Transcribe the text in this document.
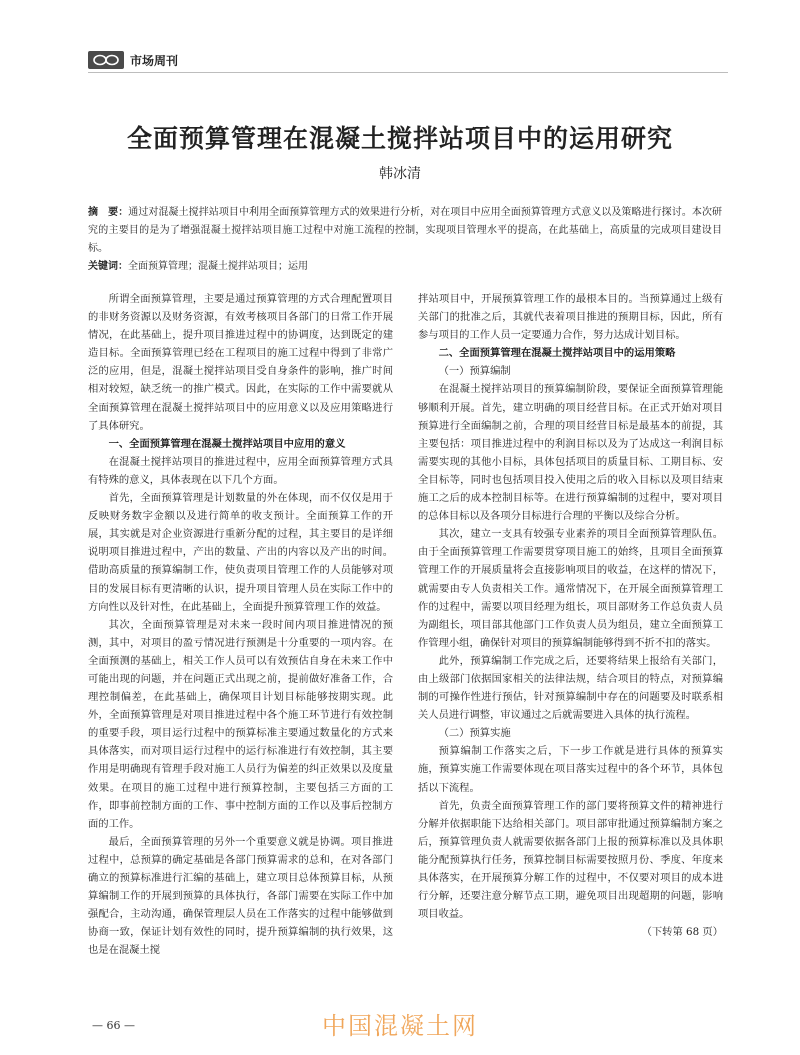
市场周刊
全面预算管理在混凝土搅拌站项目中的运用研究
韩冰清
摘　要：通过对混凝土搅拌站项目中利用全面预算管理方式的效果进行分析，对在项目中应用全面预算管理方式意义以及策略进行探讨。本次研究的主要目的是为了增强混凝土搅拌站项目施工过程中对施工流程的控制，实现项目管理水平的提高，在此基础上，高质量的完成项目建设目标。
关键词：全面预算管理；混凝土搅拌站项目；运用

所谓全面预算管理，主要是通过预算管理的方式合理配置项目的非财务资源以及财务资源，有效考核项目各部门的日常工作开展情况，在此基础上，提升项目推进过程中的协调度，达到既定的建造目标。全面预算管理已经在工程项目的施工过程中得到了非常广泛的应用，但是，混凝土搅拌站项目受自身条件的影响，推广时间相对较短，缺乏统一的推广模式。因此，在实际的工作中需要就从全面预算管理在混凝土搅拌站项目中的应用意义以及应用策略进行了具体研究。

一、全面预算管理在混凝土搅拌站项目中应用的意义

在混凝土搅拌站项目的推进过程中，应用全面预算管理方式具有特殊的意义，具体表现在以下几个方面。

首先，全面预算管理是计划数量的外在体现，而不仅仅是用于反映财务数字金额以及进行简单的收支预计。全面预算工作的开展，其实就是对企业资源进行重新分配的过程，其主要目的是详细说明项目推进过程中，产出的数量、产出的内容以及产出的时间。借助高质量的预算编制工作，使负责项目管理工作的人员能够对项目的发展目标有更清晰的认识，提升项目管理人员在实际工作中的方向性以及针对性，在此基础上，全面提升预算管理工作的效益。

其次，全面预算管理是对未来一段时间内项目推进情况的预测，其中，对项目的盈亏情况进行预测是十分重要的一项内容。在全面预测的基础上，相关工作人员可以有效预估自身在未来工作中可能出现的问题，并在问题正式出现之前，提前做好准备工作，合理控制偏差，在此基础上，确保项目计划目标能够按期实现。此外，全面预算管理是对项目推进过程中各个施工环节进行有效控制的重要手段，项目运行过程中的预算标准主要通过数量化的方式来具体落实，而对项目运行过程中的运行标准进行有效控制，其主要作用是明确现有管理手段对施工人员行为偏差的纠正效果以及度量效果。在项目的施工过程中进行预算控制，主要包括三方面的工作，即事前控制方面的工作、事中控制方面的工作以及事后控制方面的工作。

最后，全面预算管理的另外一个重要意义就是协调。项目推进过程中，总预算的确定基础是各部门预算需求的总和，在对各部门确立的预算标准进行汇编的基础上，建立项目总体预算目标，从预算编制工作的开展到预算的具体执行，各部门需要在实际工作中加强配合，主动沟通，确保管理层人员在工作落实的过程中能够做到协商一致，保证计划有效性的同时，提升预算编制的执行效果，这也是在混凝土搅

拌站项目中，开展预算管理工作的最根本目的。当预算通过上级有关部门的批准之后，其就代表着项目推进的预期目标，因此，所有参与项目的工作人员一定要通力合作，努力达成计划目标。

二、全面预算管理在混凝土搅拌站项目中的运用策略
（一）预算编制

在混凝土搅拌站项目的预算编制阶段，要保证全面预算管理能够顺利开展。首先，建立明确的项目经营目标。在正式开始对项目预算进行全面编制之前，合理的项目经营目标是最基本的前提，其主要包括：项目推进过程中的利润目标以及为了达成这一利润目标需要实现的其他小目标，具体包括项目的质量目标、工期目标、安全目标等，同时也包括项目投入使用之后的收入目标以及项目结束施工之后的成本控制目标等。在进行预算编制的过程中，要对项目的总体目标以及各项分目标进行合理的平衡以及综合分析。

其次，建立一支具有较强专业素养的项目全面预算管理队伍。由于全面预算管理工作需要贯穿项目施工的始终，且项目全面预算管理工作的开展质量将会直接影响项目的收益，在这样的情况下，就需要由专人负责相关工作。通常情况下，在开展全面预算管理工作的过程中，需要以项目经理为组长，项目部财务工作总负责人员为副组长，项目部其他部门工作负责人员为组员，建立全面预算工作管理小组，确保针对项目的预算编制能够得到不折不扣的落实。

此外，预算编制工作完成之后，还要将结果上报给有关部门，由上级部门依据国家相关的法律法规，结合项目的特点，对预算编制的可操作性进行预估，针对预算编制中存在的问题要及时联系相关人员进行调整，审议通过之后就需要进入具体的执行流程。

（二）预算实施

预算编制工作落实之后，下一步工作就是进行具体的预算实施，预算实施工作需要体现在项目落实过程中的各个环节，具体包括以下流程。

首先，负责全面预算管理工作的部门要将预算文件的精神进行分解并依据职能下达给相关部门。项目部审批通过预算编制方案之后，预算管理负责人就需要依据各部门上报的预算标准以及具体职能分配预算执行任务，预算控制目标需要按照月份、季度、年度来具体落实，在开展预算分解工作的过程中，不仅要对项目的成本进行分解，还要注意分解节点工期，避免项目出现超期的问题，影响项目收益。

（下转第 68 页）

— 66 —	中国混凝土网
